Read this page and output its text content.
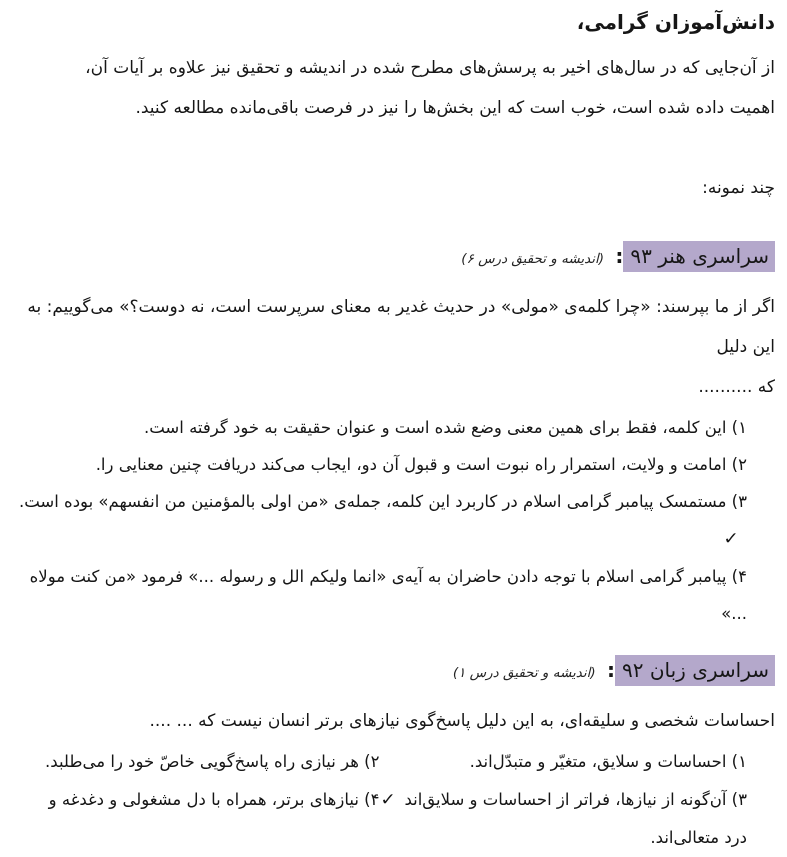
دانش‌آموزان گرامی،
از آن‌جایی که در سال‌های اخیر به پرسش‌های مطرح شده در اندیشه و تحقیق نیز علاوه بر آیات آن،
اهمیت داده شده است، خوب است که این بخش‌ها را نیز در فرصت باقی‌مانده مطالعه کنید.
چند نمونه:
سراسری هنر ۹۳: (اندیشه و تحقیق درس ۶)
اگر از ما بپرسند: «چرا کلمه‌ی «مولی» در حدیث غدیر به معنای سرپرست است، نه دوست؟» می‌گوییم: به این دلیل
که ..........
۱) این کلمه، فقط برای همین معنی وضع شده است و عنوان حقیقت به خود گرفته است.
۲) امامت و ولایت، استمرار راه نبوت است و قبول آن دو، ایجاب می‌کند دریافت چنین معنایی را.
۳) مستمسک پیامبر گرامی اسلام در کاربرد این کلمه، جمله‌ی «من اولی بالمؤمنین من انفسهم» بوده است.✓
۴) پیامبر گرامی اسلام با توجه دادن حاضران به آیه‌ی «انما ولیکم الل و رسوله ...» فرمود «من کنت مولاه ...»
سراسری زبان ۹۲: (اندیشه و تحقیق درس ۱)
احساسات شخصی و سلیقه‌ای، به این دلیل پاسخ‌گوی نیازهای برتر انسان نیست که ... ....
۱) احساسات و سلایق، متغیّر و متبدّل‌اند.
۲) هر نیازی راه پاسخ‌گویی خاصّ خود را می‌طلبد.
۳) آن‌گونه از نیازها، فراتر از احساسات و سلایق‌اند✓
۴) نیازهای برتر، همراه با دل مشغولی و دغدغه و
درد متعالی‌اند.
